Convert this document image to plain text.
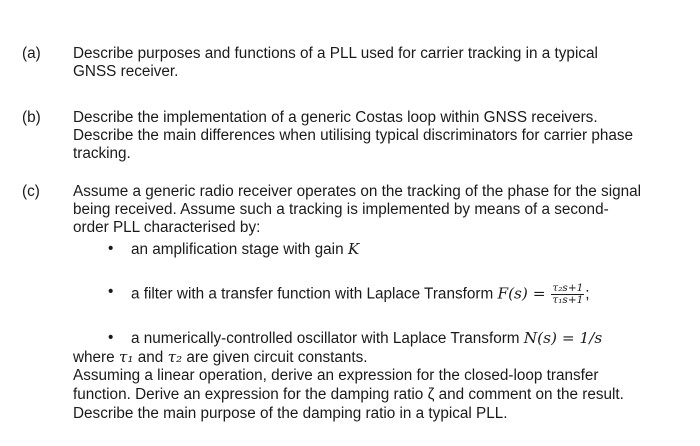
(a) Describe purposes and functions of a PLL used for carrier tracking in a typical
GNSS receiver.
(b) Describe the implementation of a generic Costas loop within GNSS receivers.
Describe the main differences when utilising typical discriminators for carrier phase
tracking.
(c) Assume a generic radio receiver operates on the tracking of the phase for the signal
being received. Assume such a tracking is implemented by means of a second-
order PLL characterised by:
• an amplification stage with gain K
• a filter with a transfer function with Laplace Transform $F(s) = \frac{\text{τ₂s+1}}{\text{τ₁s+1}}$ ;
• a numerically-controlled oscillator with Laplace Transform N(s) = 1/s
where τ₁ and τ₂ are given circuit constants.
Assuming a linear operation, derive an expression for the closed-loop transfer
function. Derive an expression for the damping ratio ζ and comment on the result.
Describe the main purpose of the damping ratio in a typical PLL.
